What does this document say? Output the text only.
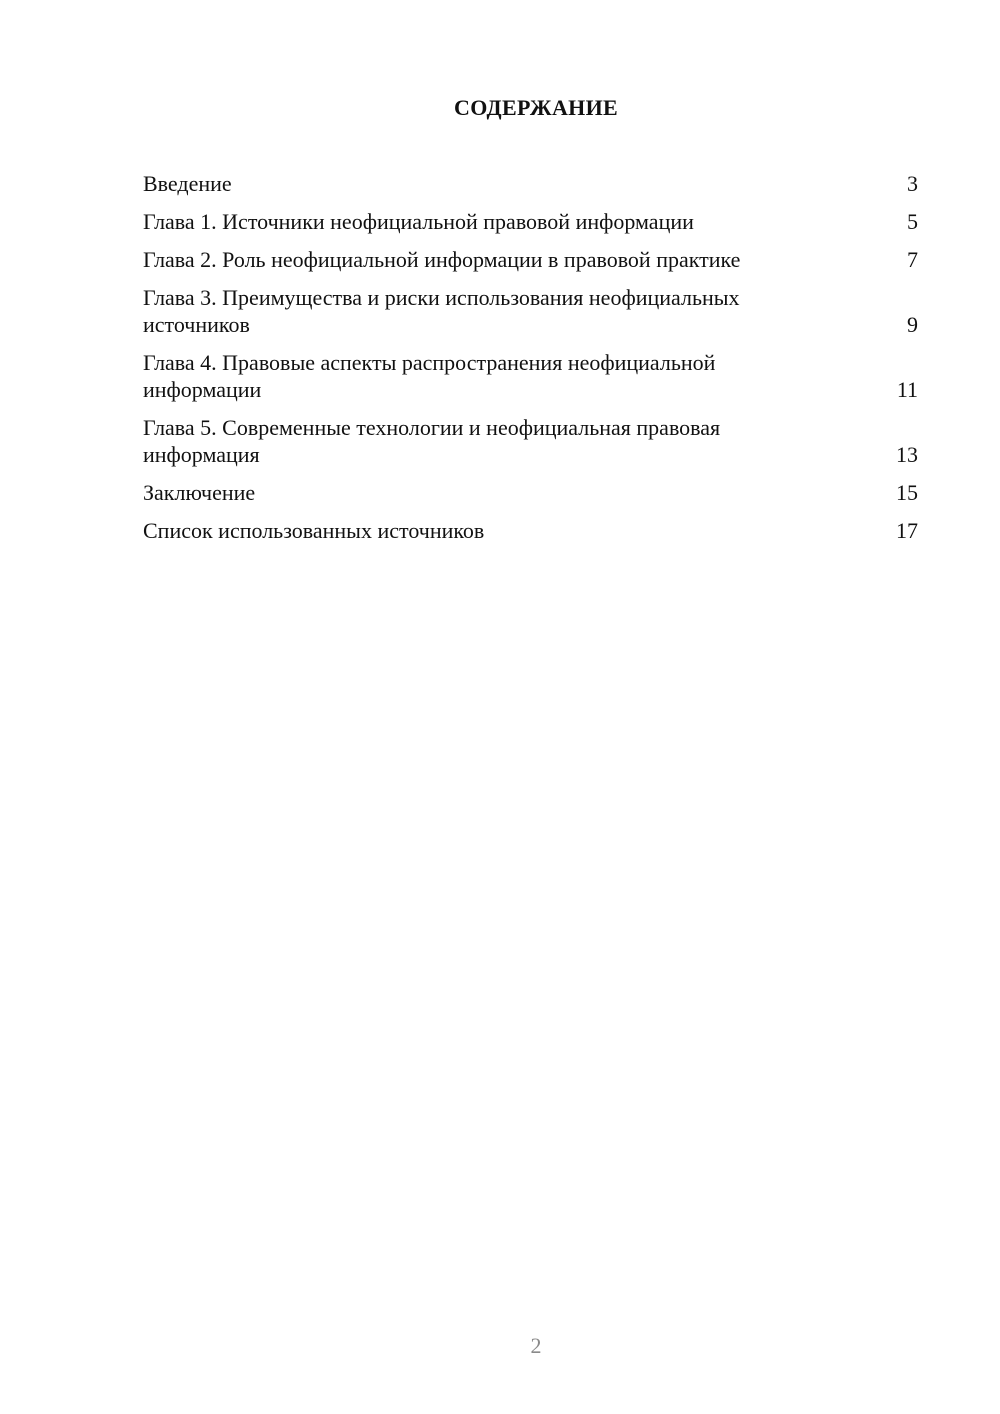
СОДЕРЖАНИЕ
Введение	3
Глава 1. Источники неофициальной правовой информации	5
Глава 2. Роль неофициальной информации в правовой практике	7
Глава 3. Преимущества и риски использования неофициальных источников	9
Глава 4. Правовые аспекты распространения неофициальной информации	11
Глава 5. Современные технологии и неофициальная правовая информация	13
Заключение	15
Список использованных источников	17
2
